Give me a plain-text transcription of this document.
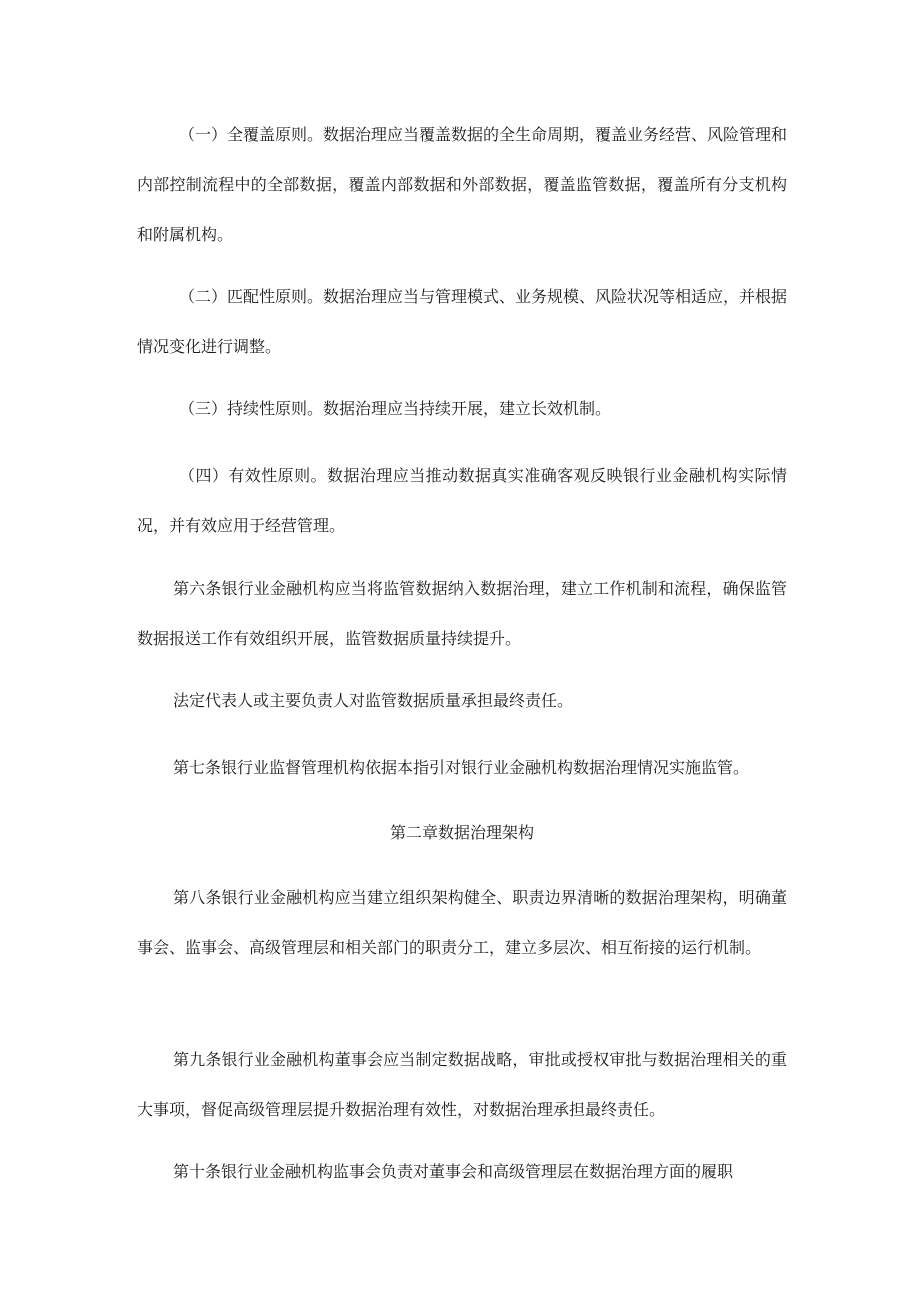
（一）全覆盖原则。数据治理应当覆盖数据的全生命周期，覆盖业务经营、风险管理和内部控制流程中的全部数据，覆盖内部数据和外部数据，覆盖监管数据，覆盖所有分支机构和附属机构。

（二）匹配性原则。数据治理应当与管理模式、业务规模、风险状况等相适应，并根据情况变化进行调整。

（三）持续性原则。数据治理应当持续开展，建立长效机制。

（四）有效性原则。数据治理应当推动数据真实准确客观反映银行业金融机构实际情况，并有效应用于经营管理。

第六条银行业金融机构应当将监管数据纳入数据治理，建立工作机制和流程，确保监管数据报送工作有效组织开展，监管数据质量持续提升。

法定代表人或主要负责人对监管数据质量承担最终责任。

第七条银行业监督管理机构依据本指引对银行业金融机构数据治理情况实施监管。

第二章数据治理架构

第八条银行业金融机构应当建立组织架构健全、职责边界清晰的数据治理架构，明确董事会、监事会、高级管理层和相关部门的职责分工，建立多层次、相互衔接的运行机制。

第九条银行业金融机构董事会应当制定数据战略，审批或授权审批与数据治理相关的重大事项，督促高级管理层提升数据治理有效性，对数据治理承担最终责任。

第十条银行业金融机构监事会负责对董事会和高级管理层在数据治理方面的履职
